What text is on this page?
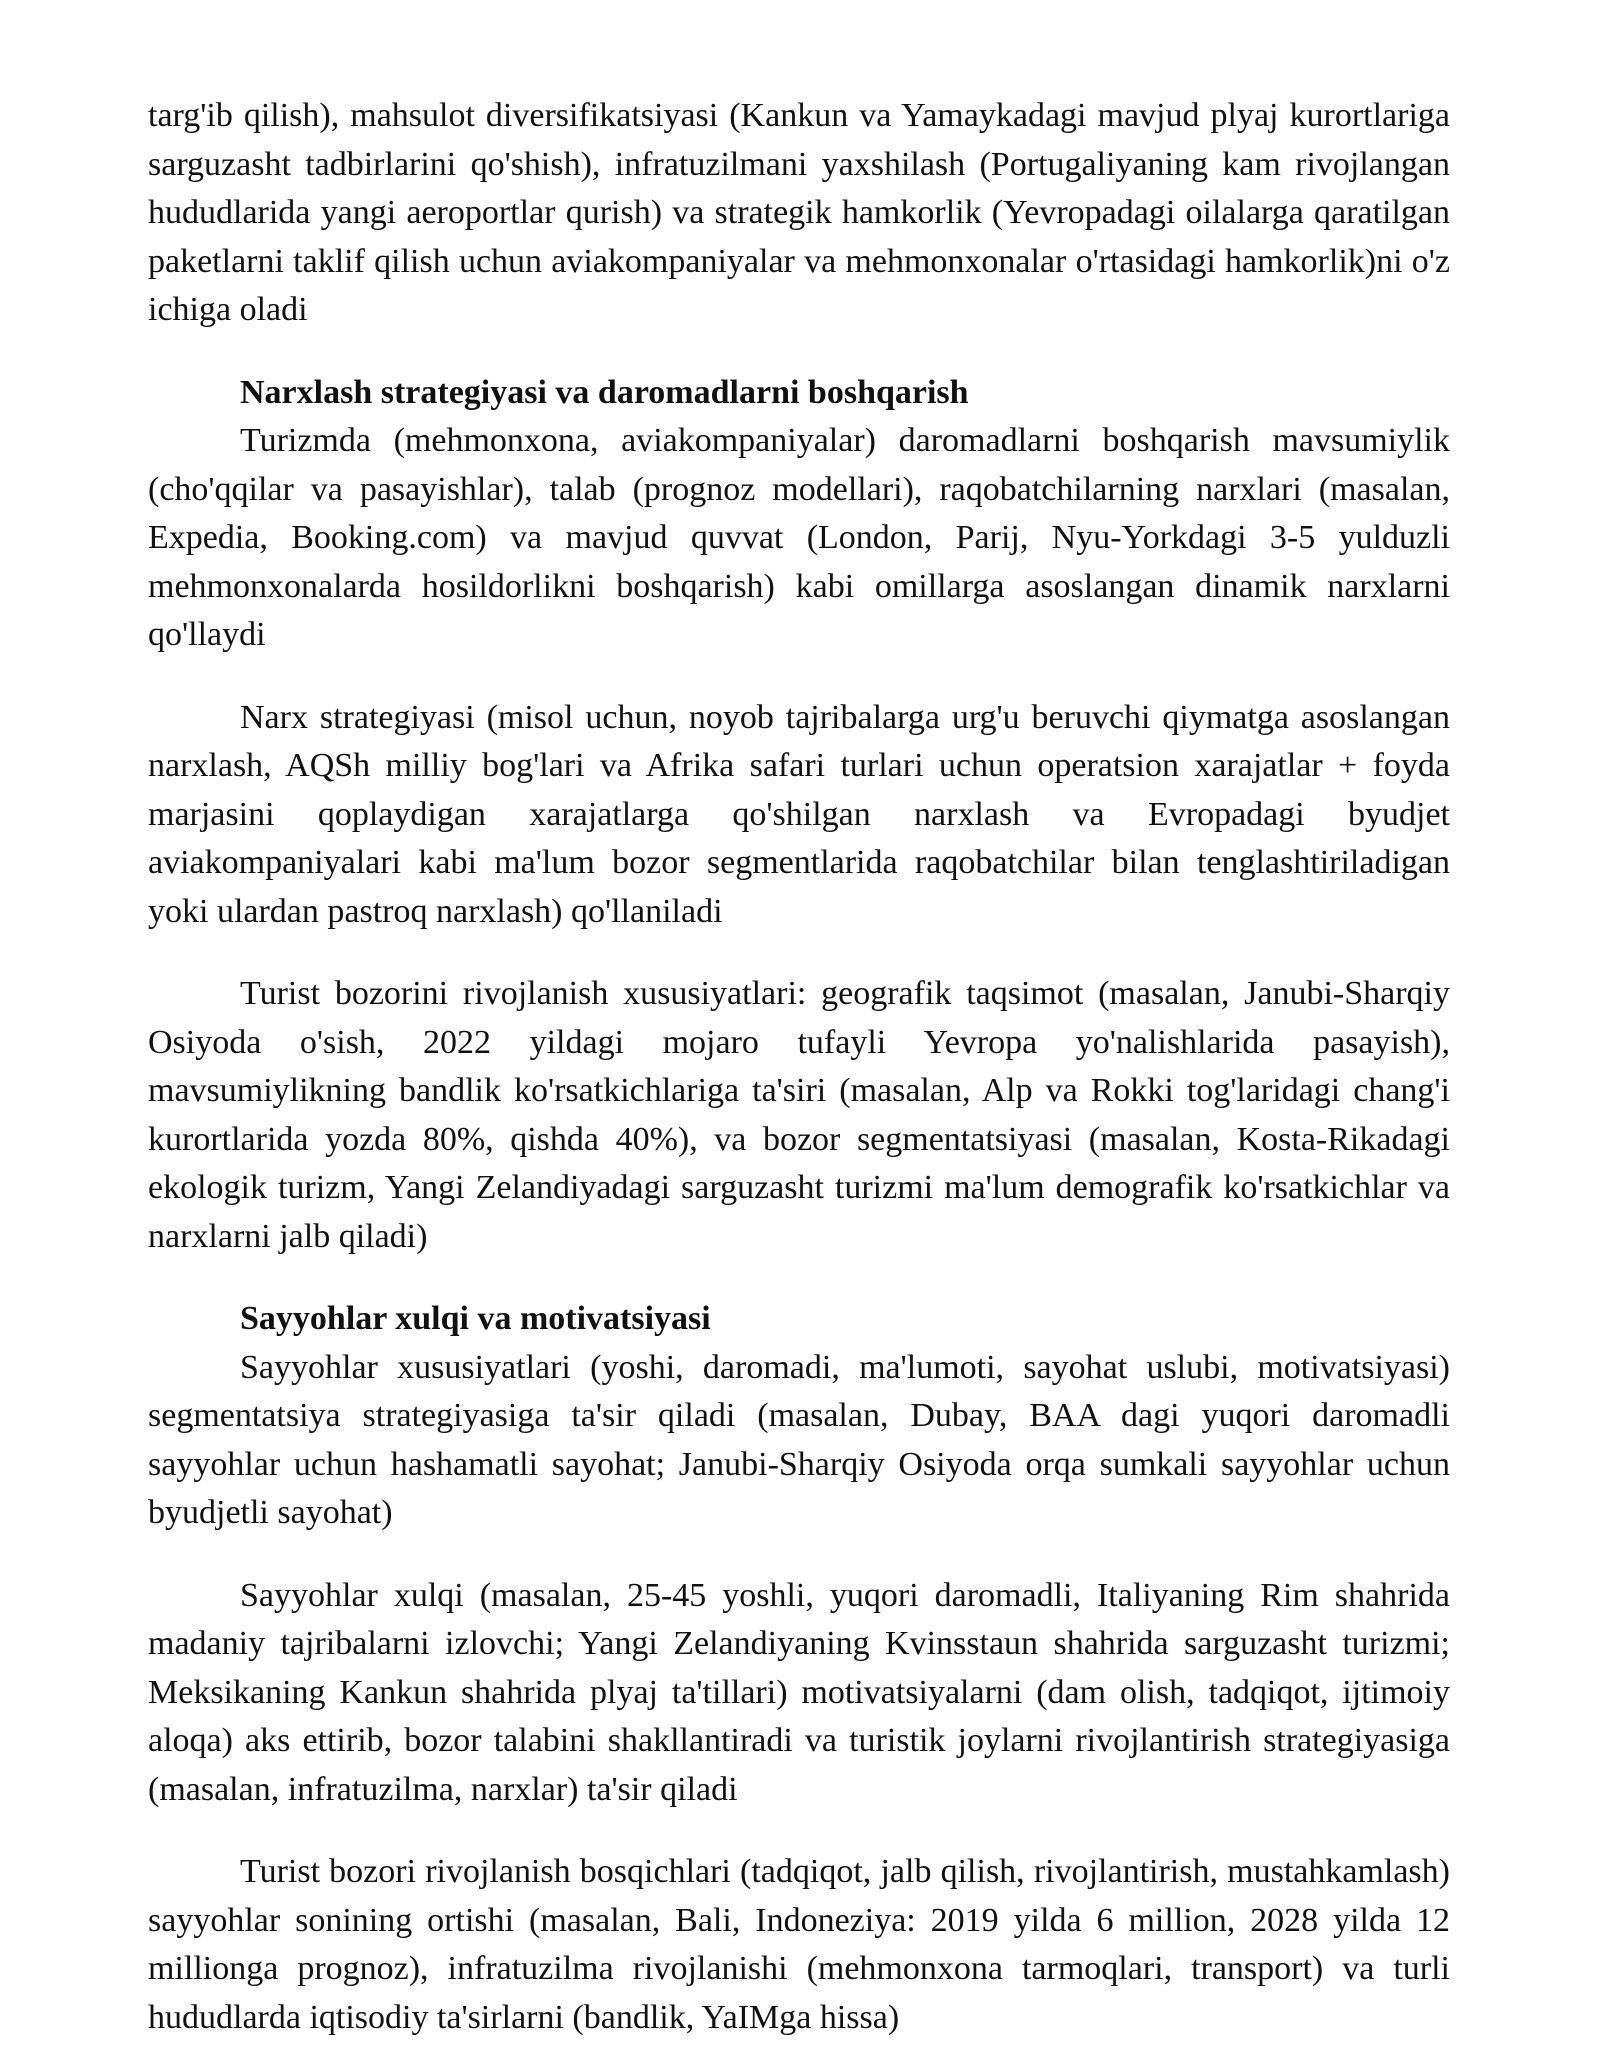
targ'ib qilish), mahsulot diversifikatsiyasi (Kankun va Yamaykadagi mavjud plyaj kurortlariga sarguzasht tadbirlarini qo'shish), infratuzilmani yaxshilash (Portugaliyaning kam rivojlangan hududlarida yangi aeroportlar qurish) va strategik hamkorlik (Yevropadagi oilalarga qaratilgan paketlarni taklif qilish uchun aviakompaniyalar va mehmonxonalar o'rtasidagi hamkorlik)ni o'z ichiga oladi

Narxlash strategiyasi va daromadlarni boshqarish

Turizmda (mehmonxona, aviakompaniyalar) daromadlarni boshqarish mavsumiylik (cho'qqilar va pasayishlar), talab (prognoz modellari), raqobatchilarning narxlari (masalan, Expedia, Booking.com) va mavjud quvvat (London, Parij, Nyu-Yorkdagi 3-5 yulduzli mehmonxonalarda hosildorlikni boshqarish) kabi omillarga asoslangan dinamik narxlarni qo'llaydi

Narx strategiyasi (misol uchun, noyob tajribalarga urg'u beruvchi qiymatga asoslangan narxlash, AQSh milliy bog'lari va Afrika safari turlari uchun operatsion xarajatlar + foyda marjasini qoplaydigan xarajatlarga qo'shilgan narxlash va Evropadagi byudjet aviakompaniyalari kabi ma'lum bozor segmentlarida raqobatchilar bilan tenglashtiriladigan yoki ulardan pastroq narxlash) qo'llaniladi

Turist bozorini rivojlanish xususiyatlari: geografik taqsimot (masalan, Janubi-Sharqiy Osiyoda o'sish, 2022 yildagi mojaro tufayli Yevropa yo'nalishlarida pasayish), mavsumiylikning bandlik ko'rsatkichlariga ta'siri (masalan, Alp va Rokki tog'laridagi chang'i kurortlarida yozda 80%, qishda 40%), va bozor segmentatsiyasi (masalan, Kosta-Rikadagi ekologik turizm, Yangi Zelandiyadagi sarguzasht turizmi ma'lum demografik ko'rsatkichlar va narxlarni jalb qiladi)

Sayyohlar xulqi va motivatsiyasi

Sayyohlar xususiyatlari (yoshi, daromadi, ma'lumoti, sayohat uslubi, motivatsiyasi) segmentatsiya strategiyasiga ta'sir qiladi (masalan, Dubay, BAA dagi yuqori daromadli sayyohlar uchun hashamatli sayohat; Janubi-Sharqiy Osiyoda orqa sumkali sayyohlar uchun byudjetli sayohat)

Sayyohlar xulqi (masalan, 25-45 yoshli, yuqori daromadli, Italiyaning Rim shahrida madaniy tajribalarni izlovchi; Yangi Zelandiyaning Kvinsstaun shahrida sarguzasht turizmi; Meksikaning Kankun shahrida plyaj ta'tillari) motivatsiyalarni (dam olish, tadqiqot, ijtimoiy aloqa) aks ettirib, bozor talabini shakllantiradi va turistik joylarni rivojlantirish strategiyasiga (masalan, infratuzilma, narxlar) ta'sir qiladi

Turist bozori rivojlanish bosqichlari (tadqiqot, jalb qilish, rivojlantirish, mustahkamlash) sayyohlar sonining ortishi (masalan, Bali, Indoneziya: 2019 yilda 6 million, 2028 yilda 12 millionga prognoz), infratuzilma rivojlanishi (mehmonxona tarmoqlari, transport) va turli hududlarda iqtisodiy ta'sirlarni (bandlik, YaIMga hissa)
